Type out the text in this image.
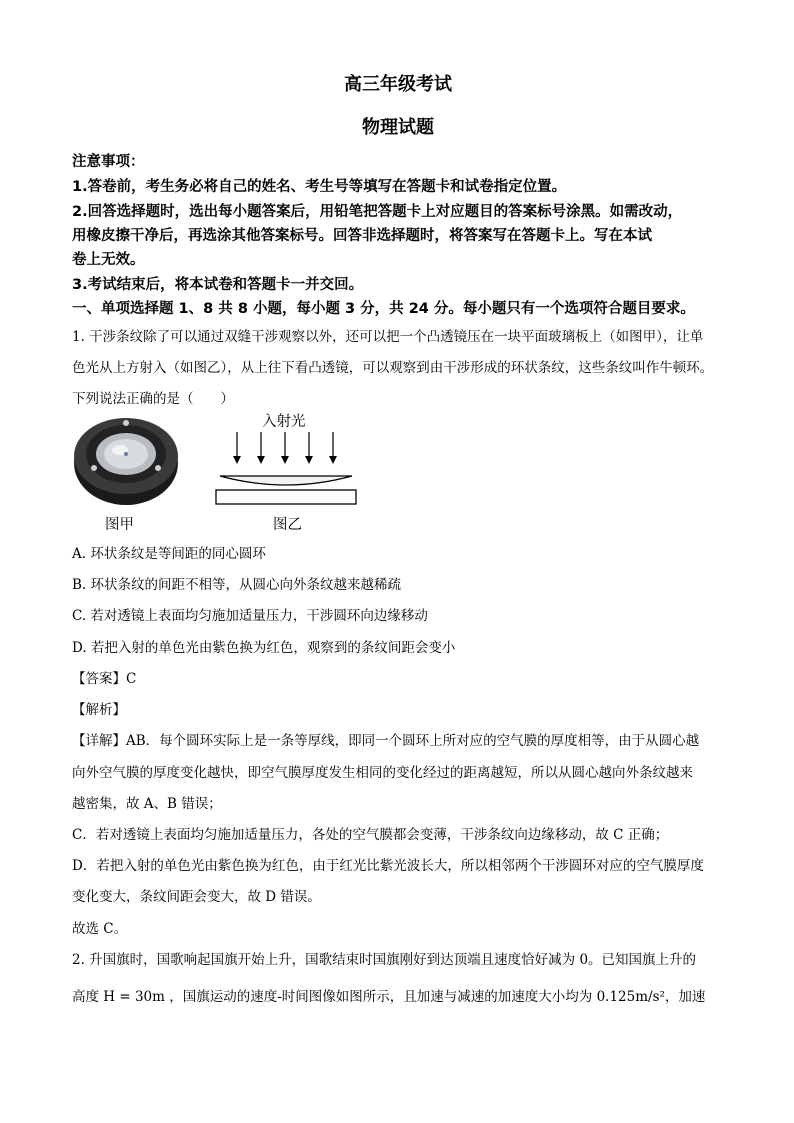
高三年级考试
物理试题
注意事项：
1.答卷前，考生务必将自己的姓名、考生号等填写在答题卡和试卷指定位置。
2.回答选择题时，选出每小题答案后，用铅笔把答题卡上对应题目的答案标号涂黑。如需改动，
用橡皮擦干净后，再选涂其他答案标号。回答非选择题时，将答案写在答题卡上。写在本试
卷上无效。
3.考试结束后，将本试卷和答题卡一并交回。
一、单项选择题 1、8 共 8 小题，每小题 3 分，共 24 分。每小题只有一个选项符合题目要求。
1. 干涉条纹除了可以通过双缝干涉观察以外，还可以把一个凸透镜压在一块平面玻璃板上（如图甲），让单
色光从上方射入（如图乙），从上往下看凸透镜，可以观察到由干涉形成的环状条纹，这些条纹叫作牛顿环。
下列说法正确的是（　　）
入射光
图甲	图乙
A. 环状条纹是等间距的同心圆环
B. 环状条纹的间距不相等，从圆心向外条纹越来越稀疏
C. 若对透镜上表面均匀施加适量压力，干涉圆环向边缘移动
D. 若把入射的单色光由紫色换为红色，观察到的条纹间距会变小
【答案】C
【解析】
【详解】AB．每个圆环实际上是一条等厚线，即同一个圆环上所对应的空气膜的厚度相等，由于从圆心越
向外空气膜的厚度变化越快，即空气膜厚度发生相同的变化经过的距离越短，所以从圆心越向外条纹越来
越密集，故 A、B 错误；
C．若对透镜上表面均匀施加适量压力，各处的空气膜都会变薄，干涉条纹向边缘移动，故 C 正确；
D．若把入射的单色光由紫色换为红色，由于红光比紫光波长大，所以相邻两个干涉圆环对应的空气膜厚度
变化变大，条纹间距会变大，故 D 错误。
故选 C。
2. 升国旗时，国歌响起国旗开始上升，国歌结束时国旗刚好到达顶端且速度恰好减为 0。已知国旗上升的
高度 H = 30m ，国旗运动的速度-时间图像如图所示，且加速与减速的加速度大小均为 0.125m/s²，加速
